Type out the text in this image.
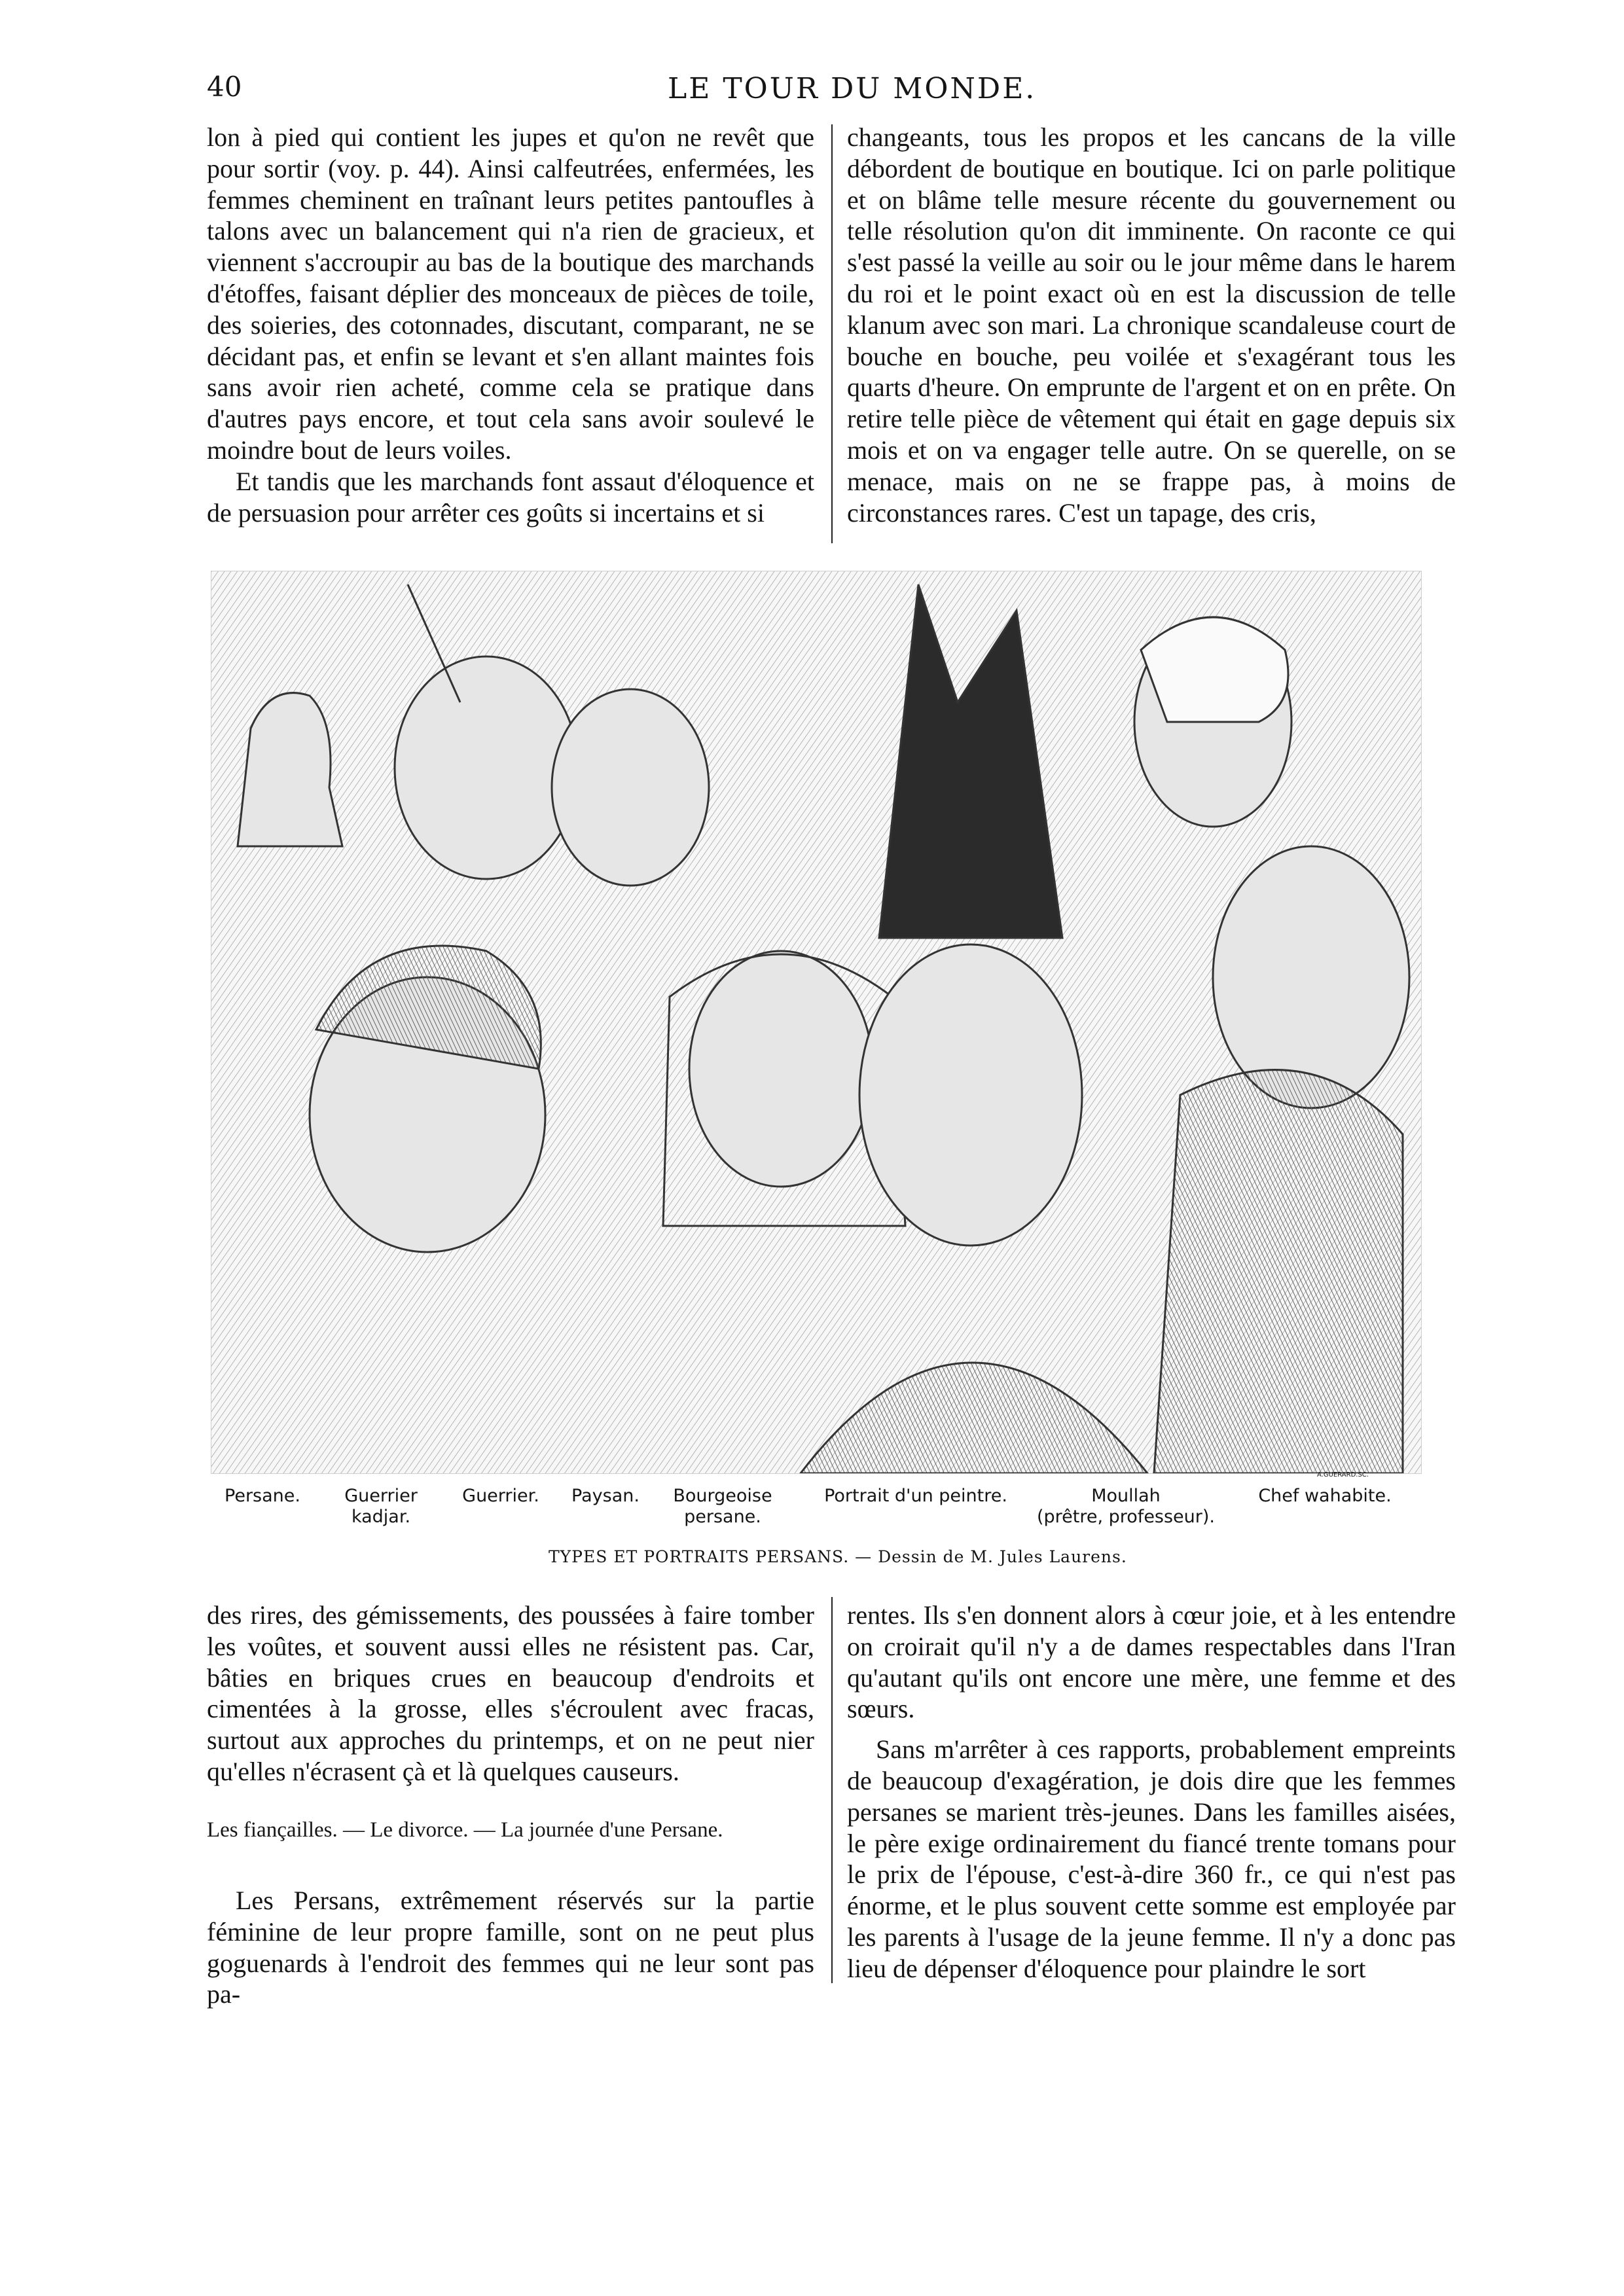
40	LE TOUR DU MONDE.

lon à pied qui contient les jupes et qu'on ne revêt que pour sortir (voy. p. 44). Ainsi calfeutrées, enfermées, les femmes cheminent en traînant leurs petites pantoufles à talons avec un balancement qui n'a rien de gracieux, et viennent s'accroupir au bas de la boutique des marchands d'étoffes, faisant déplier des monceaux de pièces de toile, des soieries, des cotonnades, discutant, comparant, ne se décidant pas, et enfin se levant et s'en allant maintes fois sans avoir rien acheté, comme cela se pratique dans d'autres pays encore, et tout cela sans avoir soulevé le moindre bout de leurs voiles.

Et tandis que les marchands font assaut d'éloquence et de persuasion pour arrêter ces goûts si incertains et si

changeants, tous les propos et les cancans de la ville débordent de boutique en boutique. Ici on parle politique et on blâme telle mesure récente du gouvernement ou telle résolution qu'on dit imminente. On raconte ce qui s'est passé la veille au soir ou le jour même dans le harem du roi et le point exact où en est la discussion de telle klanum avec son mari. La chronique scandaleuse court de bouche en bouche, peu voilée et s'exagérant tous les quarts d'heure. On emprunte de l'argent et on en prête. On retire telle pièce de vêtement qui était en gage depuis six mois et on va engager telle autre. On se querelle, on se menace, mais on ne se frappe pas, à moins de circonstances rares. C'est un tapage, des cris,

A.GUERARD.SC.
Persane.	Guerrier
kadjar.
Guerrier.	Paysan.	Bourgeoise
persane.
Portrait d'un peintre.	Moullah
(prêtre, professeur).
Chef wahabite.
TYPES ET PORTRAITS PERSANS. — Dessin de M. Jules Laurens.

des rires, des gémissements, des poussées à faire tomber les voûtes, et souvent aussi elles ne résistent pas. Car, bâties en briques crues en beaucoup d'endroits et cimentées à la grosse, elles s'écroulent avec fracas, surtout aux approches du printemps, et on ne peut nier qu'elles n'écrasent çà et là quelques causeurs.

Les fiançailles. — Le divorce. — La journée d'une Persane.

Les Persans, extrêmement réservés sur la partie féminine de leur propre famille, sont on ne peut plus goguenards à l'endroit des femmes qui ne leur sont pas pa-

rentes. Ils s'en donnent alors à cœur joie, et à les entendre on croirait qu'il n'y a de dames respectables dans l'Iran qu'autant qu'ils ont encore une mère, une femme et des sœurs.

Sans m'arrêter à ces rapports, probablement empreints de beaucoup d'exagération, je dois dire que les femmes persanes se marient très-jeunes. Dans les familles aisées, le père exige ordinairement du fiancé trente tomans pour le prix de l'épouse, c'est-à-dire 360 fr., ce qui n'est pas énorme, et le plus souvent cette somme est employée par les parents à l'usage de la jeune femme. Il n'y a donc pas lieu de dépenser d'éloquence pour plaindre le sort
